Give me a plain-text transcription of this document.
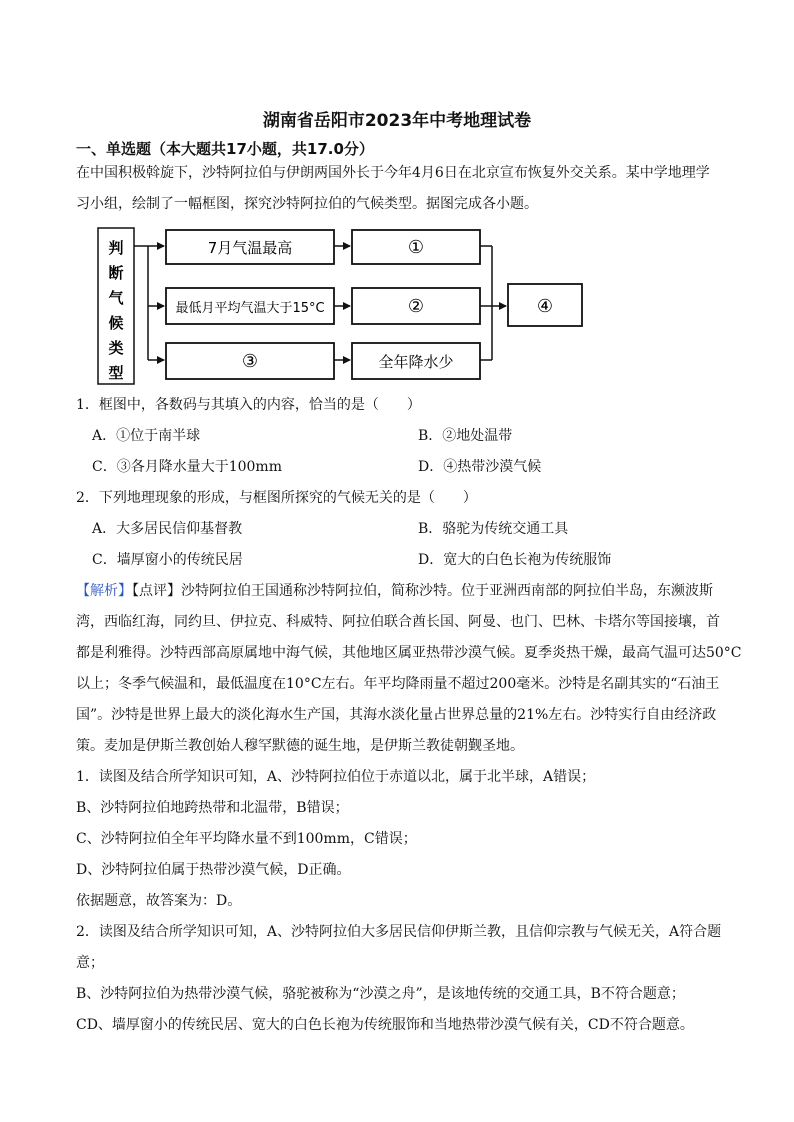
湖南省岳阳市2023年中考地理试卷
一、单选题（本大题共17小题，共17.0分）
在中国积极斡旋下，沙特阿拉伯与伊朗两国外长于今年4月6日在北京宣布恢复外交关系。某中学地理学
习小组，绘制了一幅框图，探究沙特阿拉伯的气候类型。据图完成各小题。
判
断
气
候
类
型
7月气温最高	①
最低月平均气温大于15°C	②
③	全年降水少
④
1．框图中，各数码与其填入的内容，恰当的是（　　）
A．①位于南半球	B．②地处温带
C．③各月降水量大于100mm	D．④热带沙漠气候
2．下列地理现象的形成，与框图所探究的气候无关的是（　　）
A．大多居民信仰基督教	B．骆驼为传统交通工具
C．墙厚窗小的传统民居	D．宽大的白色长袍为传统服饰
【解析】【点评】沙特阿拉伯王国通称沙特阿拉伯，简称沙特。位于亚洲西南部的阿拉伯半岛，东濒波斯
湾，西临红海，同约旦、伊拉克、科威特、阿拉伯联合酋长国、阿曼、也门、巴林、卡塔尔等国接壤，首
都是利雅得。沙特西部高原属地中海气候，其他地区属亚热带沙漠气候。夏季炎热干燥，最高气温可达50°C
以上；冬季气候温和，最低温度在10°C左右。年平均降雨量不超过200毫米。沙特是名副其实的“石油王
国”。沙特是世界上最大的淡化海水生产国，其海水淡化量占世界总量的21%左右。沙特实行自由经济政
策。麦加是伊斯兰教创始人穆罕默德的诞生地，是伊斯兰教徒朝觐圣地。
1．读图及结合所学知识可知，A、沙特阿拉伯位于赤道以北，属于北半球，A错误；
B、沙特阿拉伯地跨热带和北温带，B错误；
C、沙特阿拉伯全年平均降水量不到100mm，C错误；
D、沙特阿拉伯属于热带沙漠气候，D正确。
依据题意，故答案为：D。
2．读图及结合所学知识可知，A、沙特阿拉伯大多居民信仰伊斯兰教，且信仰宗教与气候无关，A符合题
意；
B、沙特阿拉伯为热带沙漠气候，骆驼被称为“沙漠之舟”，是该地传统的交通工具，B不符合题意；
CD、墙厚窗小的传统民居、宽大的白色长袍为传统服饰和当地热带沙漠气候有关，CD不符合题意。
